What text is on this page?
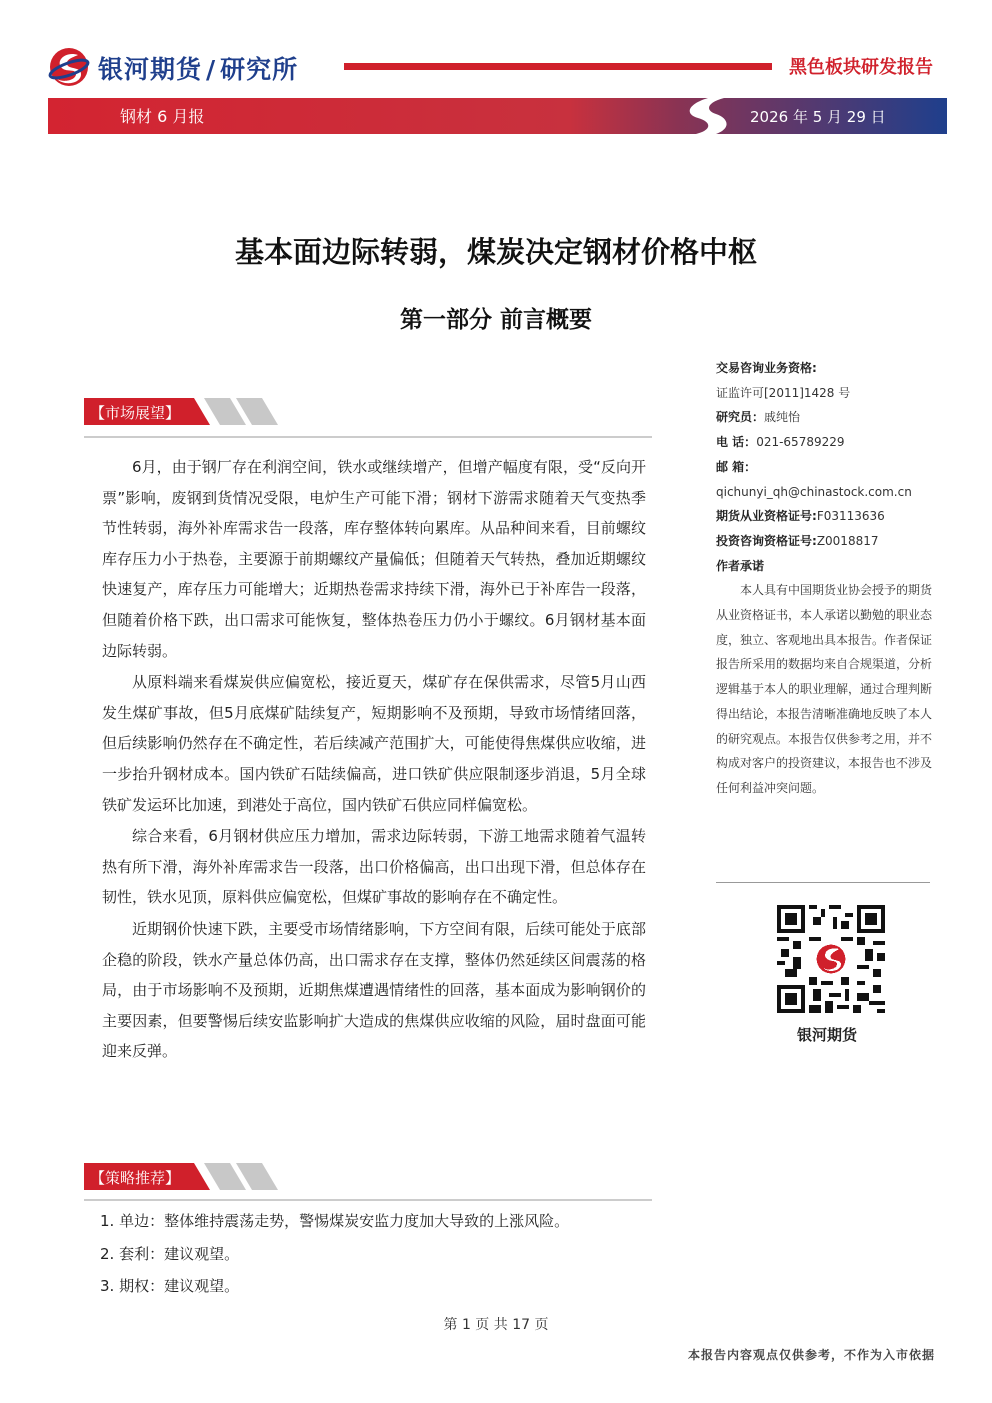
银河期货 / 研究所	黑色板块研发报告
钢材 6 月报	2026 年 5 月 29 日
基本面边际转弱，煤炭决定钢材价格中枢
第一部分 前言概要
【市场展望】

6月，由于钢厂存在利润空间，铁水或继续增产，但增产幅度有限，受“反向开票”影响，废钢到货情况受限，电炉生产可能下滑；钢材下游需求随着天气变热季节性转弱，海外补库需求告一段落，库存整体转向累库。从品种间来看，目前螺纹库存压力小于热卷，主要源于前期螺纹产量偏低；但随着天气转热，叠加近期螺纹快速复产，库存压力可能增大；近期热卷需求持续下滑，海外已于补库告一段落，但随着价格下跌，出口需求可能恢复，整体热卷压力仍小于螺纹。6月钢材基本面边际转弱。

从原料端来看煤炭供应偏宽松，接近夏天，煤矿存在保供需求，尽管5月山西发生煤矿事故，但5月底煤矿陆续复产，短期影响不及预期，导致市场情绪回落，但后续影响仍然存在不确定性，若后续减产范围扩大，可能使得焦煤供应收缩，进一步抬升钢材成本。国内铁矿石陆续偏高，进口铁矿供应限制逐步消退，5月全球铁矿发运环比加速，到港处于高位，国内铁矿石供应同样偏宽松。

综合来看，6月钢材供应压力增加，需求边际转弱，下游工地需求随着气温转热有所下滑，海外补库需求告一段落，出口价格偏高，出口出现下滑，但总体存在韧性，铁水见顶，原料供应偏宽松，但煤矿事故的影响存在不确定性。

近期钢价快速下跌，主要受市场情绪影响，下方空间有限，后续可能处于底部企稳的阶段，铁水产量总体仍高，出口需求存在支撑，整体仍然延续区间震荡的格局，由于市场影响不及预期，近期焦煤遭遇情绪性的回落，基本面成为影响钢价的主要因素，但要警惕后续安监影响扩大造成的焦煤供应收缩的风险，届时盘面可能迎来反弹。

交易咨询业务资格:
证监许可[2011]1428 号
研究员：戚纯怡
电 话：021-65789229
邮 箱：
qichunyi_qh@chinastock.com.cn
期货从业资格证号:F03113636
投资咨询资格证号:Z0018817
作者承诺
本人具有中国期货业协会授予的期货从业资格证书，本人承诺以勤勉的职业态度，独立、客观地出具本报告。作者保证报告所采用的数据均来自合规渠道，分析逻辑基于本人的职业理解，通过合理判断得出结论，本报告清晰准确地反映了本人的研究观点。本报告仅供参考之用，并不构成对客户的投资建议，本报告也不涉及任何利益冲突问题。
银河期货
【策略推荐】
1. 单边：整体维持震荡走势，警惕煤炭安监力度加大导致的上涨风险。
2. 套利：建议观望。
3. 期权：建议观望。
第 1 页 共 17 页
本报告内容观点仅供参考，不作为入市依据
